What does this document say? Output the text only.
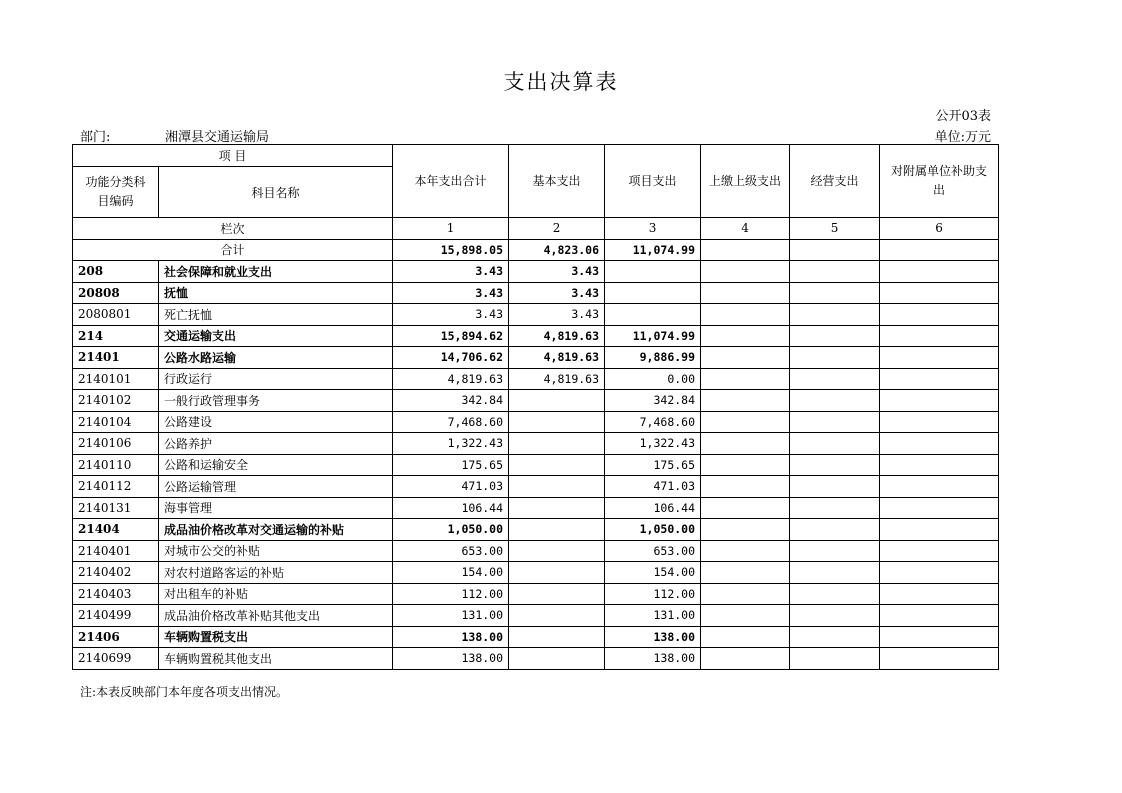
支出决算表
公开03表
部门:	湘潭县交通运输局	单位:万元
项 目		本年支出合计	基本支出	项目支出	上缴上级支出	经营支出	对附属单位补助支出
功能分类科目编码	科目名称						
栏次		1	2	3	4	5	6
合计		15,898.05	4,823.06	11,074.99			
208	社会保障和就业支出	3.43	3.43				
20808	抚恤	3.43	3.43				
2080801	死亡抚恤	3.43	3.43				
214	交通运输支出	15,894.62	4,819.63	11,074.99			
21401	公路水路运输	14,706.62	4,819.63	9,886.99			
2140101	行政运行	4,819.63	4,819.63	0.00			
2140102	一般行政管理事务	342.84		342.84			
2140104	公路建设	7,468.60		7,468.60			
2140106	公路养护	1,322.43		1,322.43			
2140110	公路和运输安全	175.65		175.65			
2140112	公路运输管理	471.03		471.03			
2140131	海事管理	106.44		106.44			
21404	成品油价格改革对交通运输的补贴	1,050.00		1,050.00			
2140401	对城市公交的补贴	653.00		653.00			
2140402	对农村道路客运的补贴	154.00		154.00			
2140403	对出租车的补贴	112.00		112.00			
2140499	成品油价格改革补贴其他支出	131.00		131.00			
21406	车辆购置税支出	138.00		138.00			
2140699	车辆购置税其他支出	138.00		138.00			
注:本表反映部门本年度各项支出情况。
